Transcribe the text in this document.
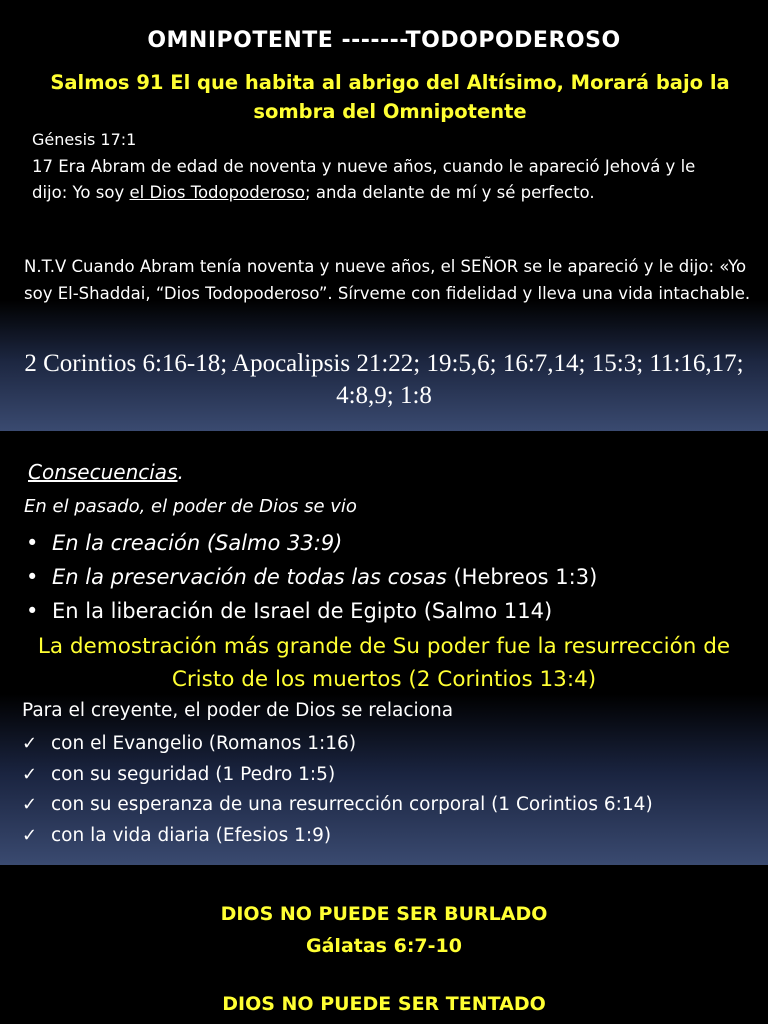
OMNIPOTENTE -------TODOPODEROSO
Salmos 91 El que habita al abrigo del Altísimo, Morará bajo la sombra del Omnipotente
Génesis 17:1
17 Era Abram de edad de noventa y nueve años, cuando le apareció Jehová y le dijo: Yo soy el Dios Todopoderoso; anda delante de mí y sé perfecto.
N.T.V Cuando Abram tenía noventa y nueve años, el SEÑOR se le apareció y le dijo: «Yo soy El-Shaddai, “Dios Todopoderoso”. Sírveme con fidelidad y lleva una vida intachable.
2 Corintios 6:16-18; Apocalipsis 21:22; 19:5,6; 16:7,14; 15:3; 11:16,17; 4:8,9; 1:8
Consecuencias.
En el pasado, el poder de Dios se vio
• En la creación (Salmo 33:9)
• En la preservación de todas las cosas (Hebreos 1:3)
• En la liberación de Israel de Egipto (Salmo 114)
La demostración más grande de Su poder fue la resurrección de Cristo de los muertos (2 Corintios 13:4)
Para el creyente, el poder de Dios se relaciona
✓ con el Evangelio (Romanos 1:16)
✓ con su seguridad (1 Pedro 1:5)
✓ con su esperanza de una resurrección corporal (1 Corintios 6:14)
✓ con la vida diaria (Efesios 1:9)
DIOS NO PUEDE SER BURLADO
Gálatas 6:7-10
DIOS NO PUEDE SER TENTADO
